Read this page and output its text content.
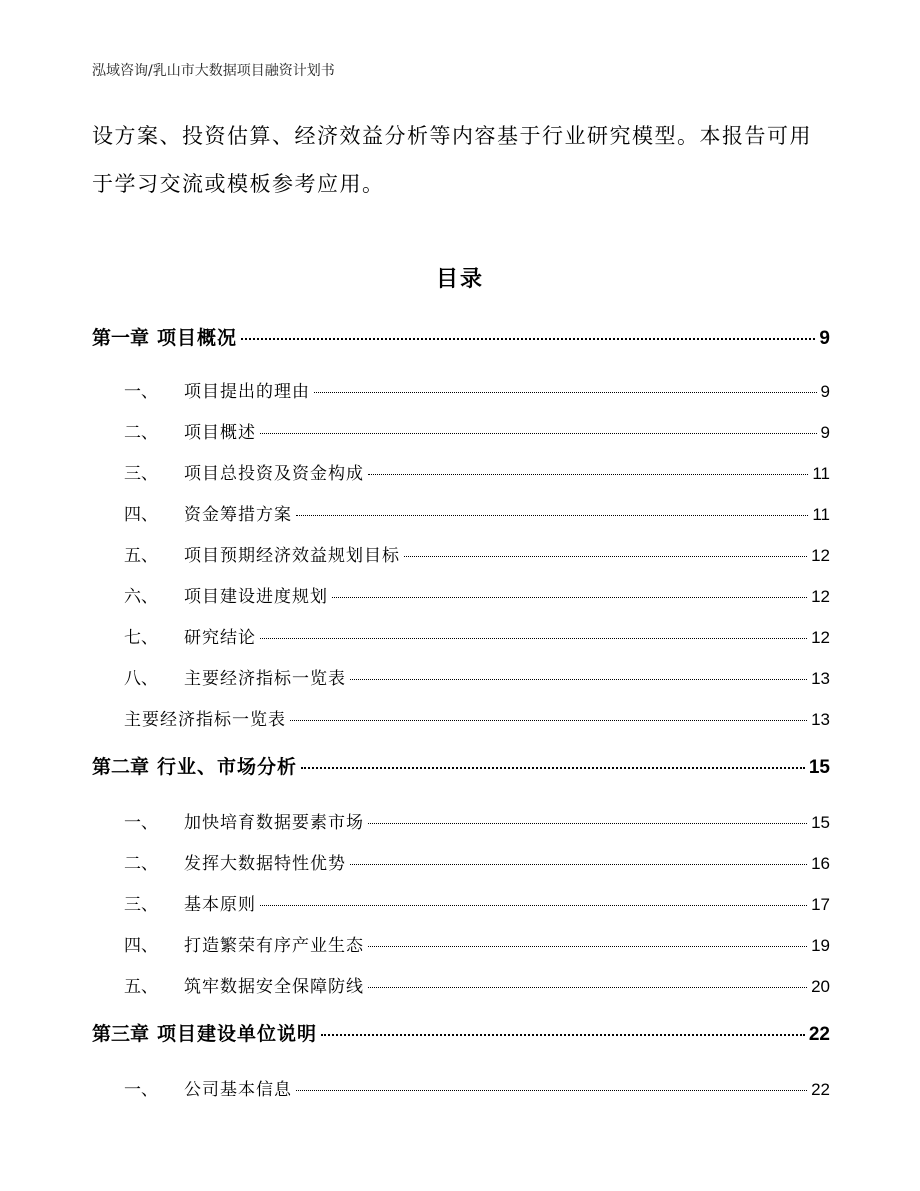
泓域咨询/乳山市大数据项目融资计划书
设方案、投资估算、经济效益分析等内容基于行业研究模型。本报告可用于学习交流或模板参考应用。
目录
第一章 项目概况	9
一、 项目提出的理由	9
二、 项目概述	9
三、 项目总投资及资金构成	11
四、 资金筹措方案	11
五、 项目预期经济效益规划目标	12
六、 项目建设进度规划	12
七、 研究结论	12
八、 主要经济指标一览表	13
主要经济指标一览表	13
第二章 行业、市场分析	15
一、 加快培育数据要素市场	15
二、 发挥大数据特性优势	16
三、 基本原则	17
四、 打造繁荣有序产业生态	19
五、 筑牢数据安全保障防线	20
第三章 项目建设单位说明	22
一、 公司基本信息	22
